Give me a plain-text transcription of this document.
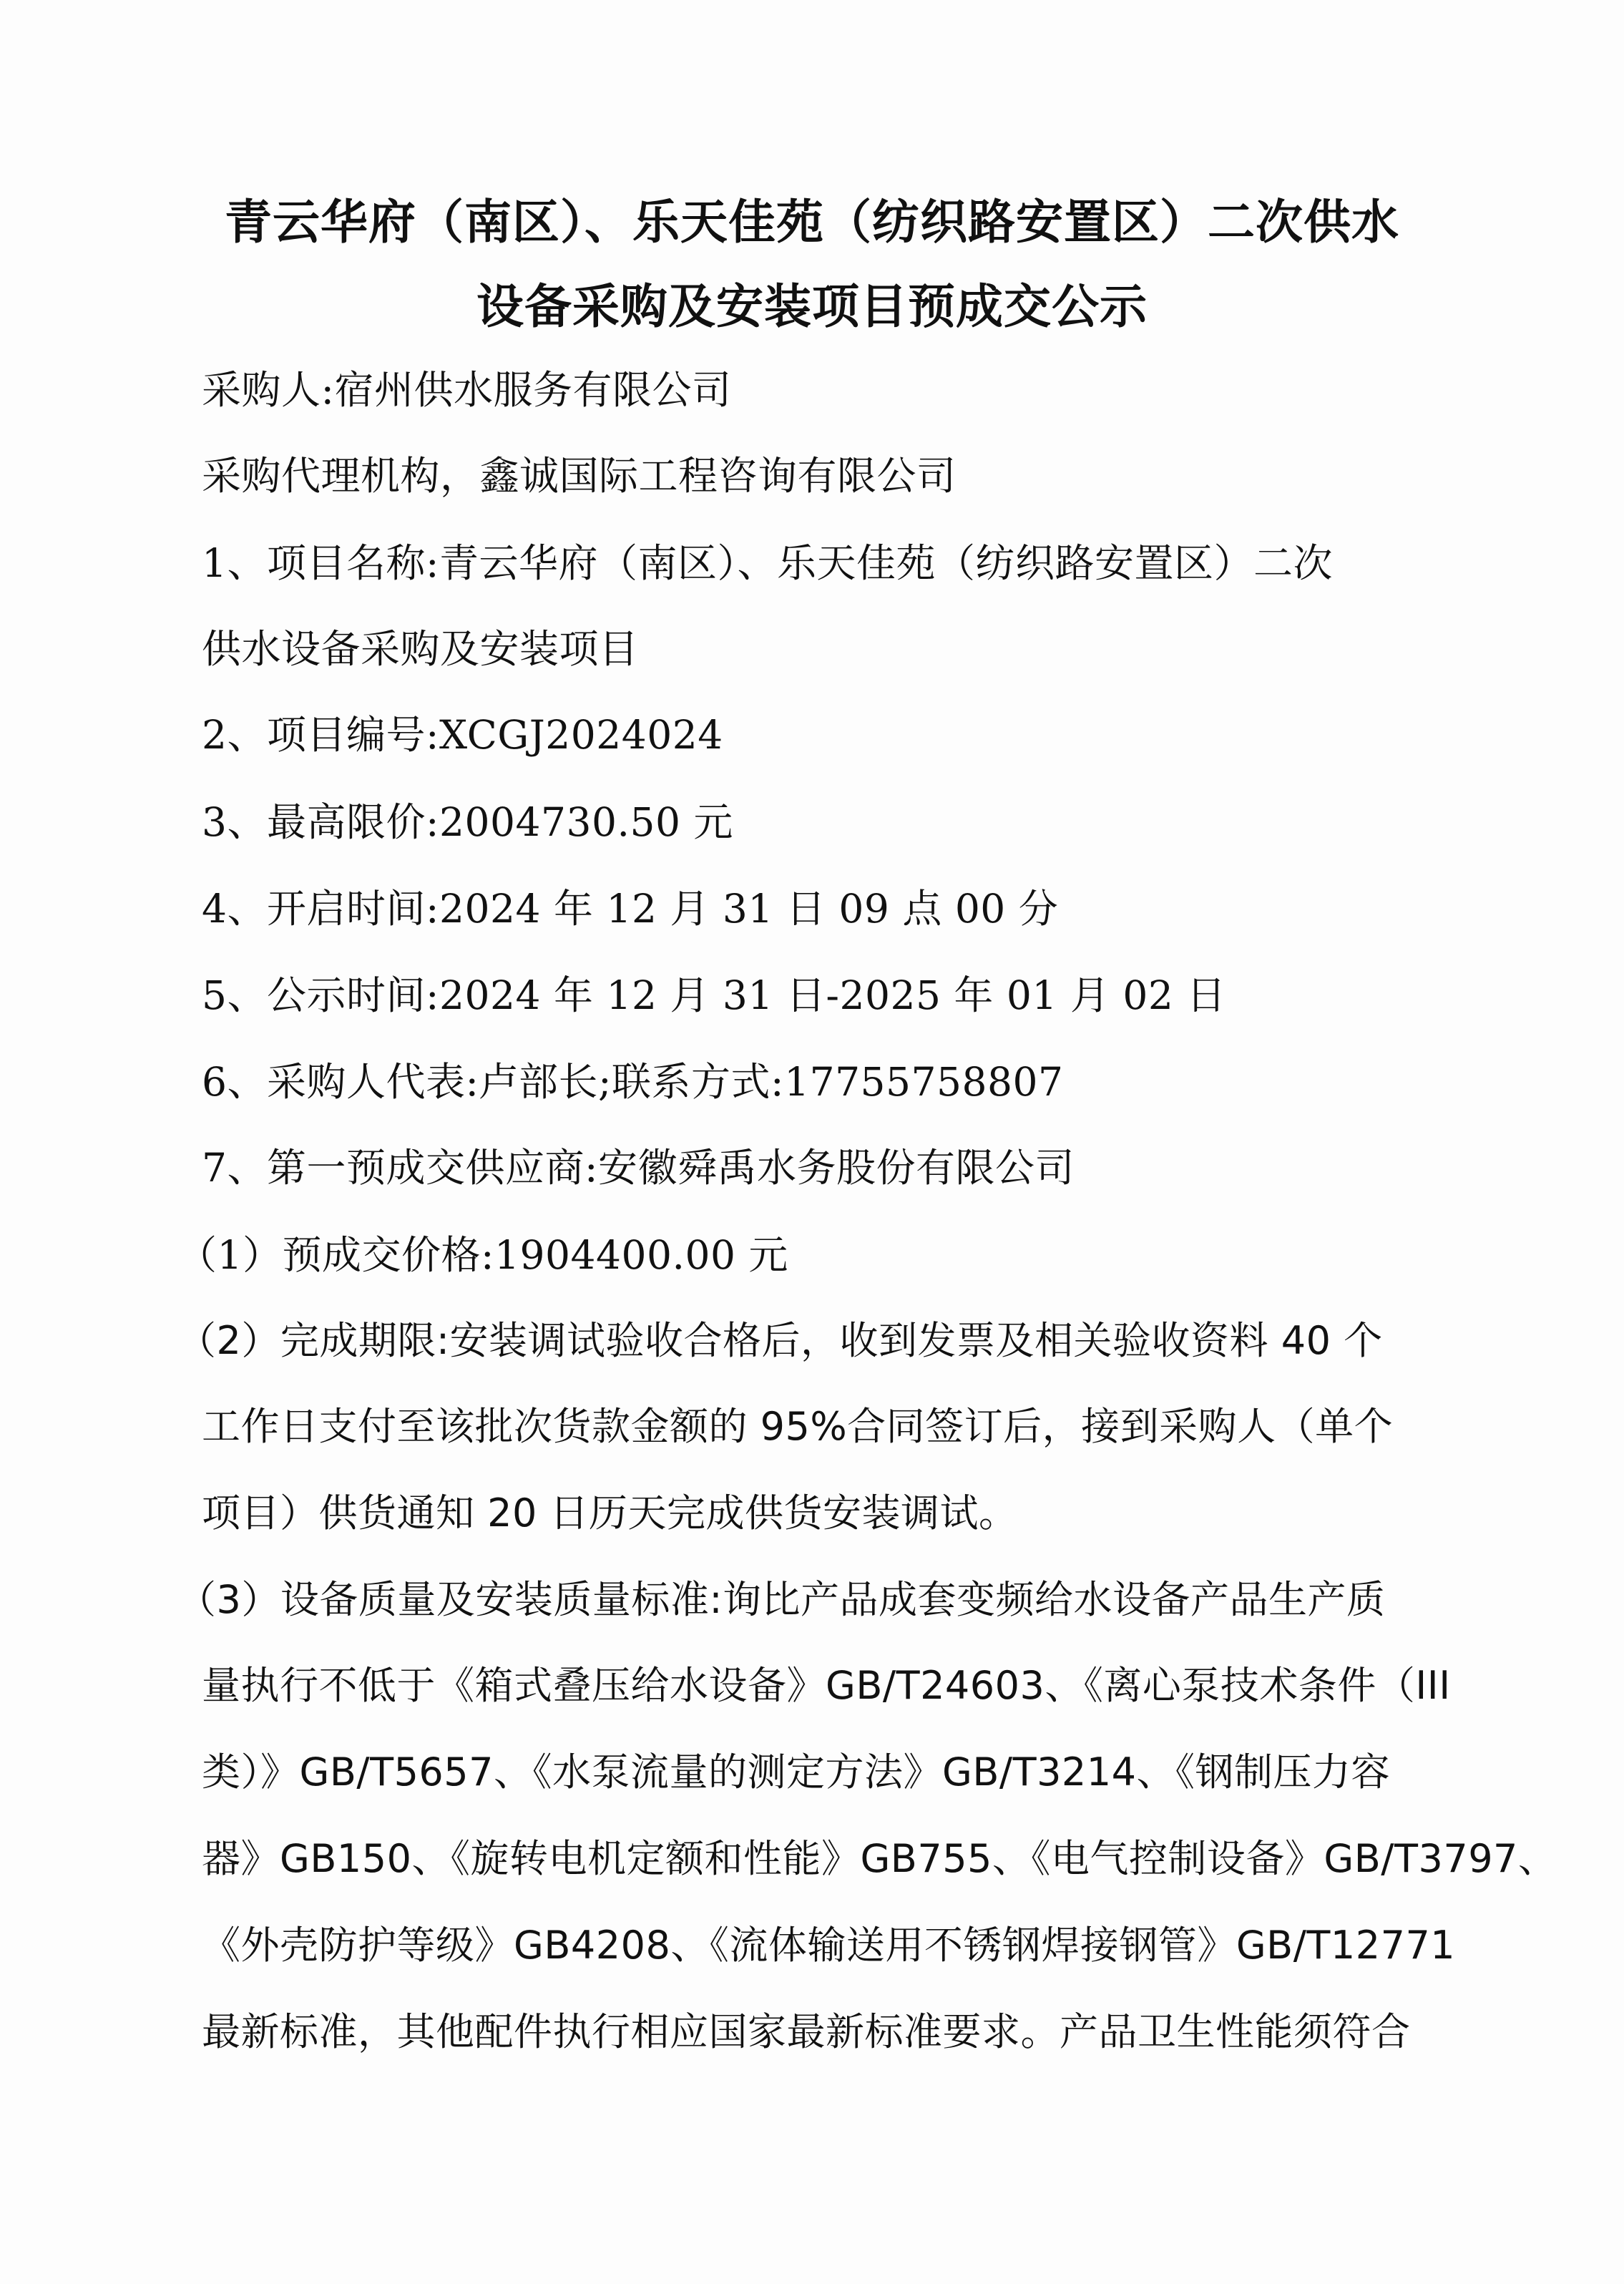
青云华府（南区）、乐天佳苑（纺织路安置区）二次供水
设备采购及安装项目预成交公示
采购人:宿州供水服务有限公司
采购代理机构，鑫诚国际工程咨询有限公司
1、项目名称:青云华府（南区）、乐天佳苑（纺织路安置区）二次
供水设备采购及安装项目
2、项目编号:XCGJ2024024
3、最高限价:2004730.50 元
4、开启时间:2024 年 12 月 31 日 09 点 00 分
5、公示时间:2024 年 12 月 31 日-2025 年 01 月 02 日
6、采购人代表:卢部长;联系方式:17755758807
7、第一预成交供应商:安徽舜禹水务股份有限公司
（1）预成交价格:1904400.00 元
（2）完成期限:安装调试验收合格后，收到发票及相关验收资料 40 个
工作日支付至该批次货款金额的 95%合同签订后，接到采购人（单个
项目）供货通知 20 日历天完成供货安装调试。
（3）设备质量及安装质量标准:询比产品成套变频给水设备产品生产质
量执行不低于《箱式叠压给水设备》GB/T24603、《离心泵技术条件（III
类）》GB/T5657、《水泵流量的测定方法》GB/T3214、《钢制压力容
器》GB150、《旋转电机定额和性能》GB755、《电气控制设备》GB/T3797、
《外壳防护等级》GB4208、《流体输送用不锈钢焊接钢管》GB/T12771
最新标准，其他配件执行相应国家最新标准要求。产品卫生性能须符合
